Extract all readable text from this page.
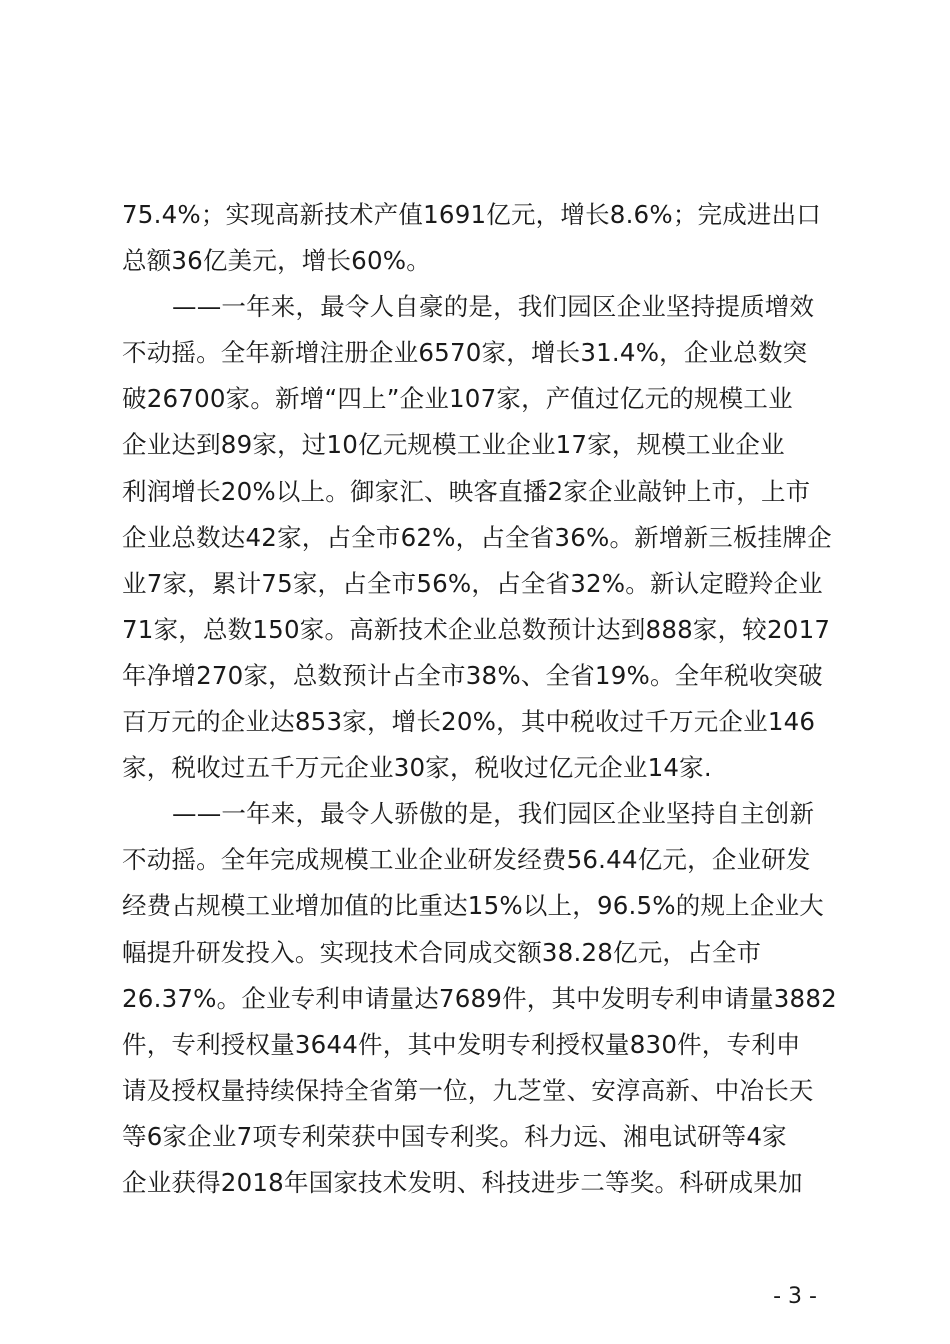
75.4%；实现高新技术产值1691亿元，增长8.6%；完成进出口
总额36亿美元，增长60%。
——一年来，最令人自豪的是，我们园区企业坚持提质增效
不动摇。全年新增注册企业6570家，增长31.4%，企业总数突
破26700家。新增“四上”企业107家，产值过亿元的规模工业
企业达到89家，过10亿元规模工业企业17家，规模工业企业
利润增长20%以上。御家汇、映客直播2家企业敲钟上市，上市
企业总数达42家，占全市62%，占全省36%。新增新三板挂牌企
业7家，累计75家，占全市56%，占全省32%。新认定瞪羚企业
71家，总数150家。高新技术企业总数预计达到888家，较2017
年净增270家，总数预计占全市38%、全省19%。全年税收突破
百万元的企业达853家，增长20%，其中税收过千万元企业146
家，税收过五千万元企业30家，税收过亿元企业14家.
——一年来，最令人骄傲的是，我们园区企业坚持自主创新
不动摇。全年完成规模工业企业研发经费56.44亿元，企业研发
经费占规模工业增加值的比重达15%以上，96.5%的规上企业大
幅提升研发投入。实现技术合同成交额38.28亿元，占全市
26.37%。企业专利申请量达7689件，其中发明专利申请量3882
件，专利授权量3644件，其中发明专利授权量830件，专利申
请及授权量持续保持全省第一位，九芝堂、安淳高新、中冶长天
等6家企业7项专利荣获中国专利奖。科力远、湘电试研等4家
企业获得2018年国家技术发明、科技进步二等奖。科研成果加
- 3 -
